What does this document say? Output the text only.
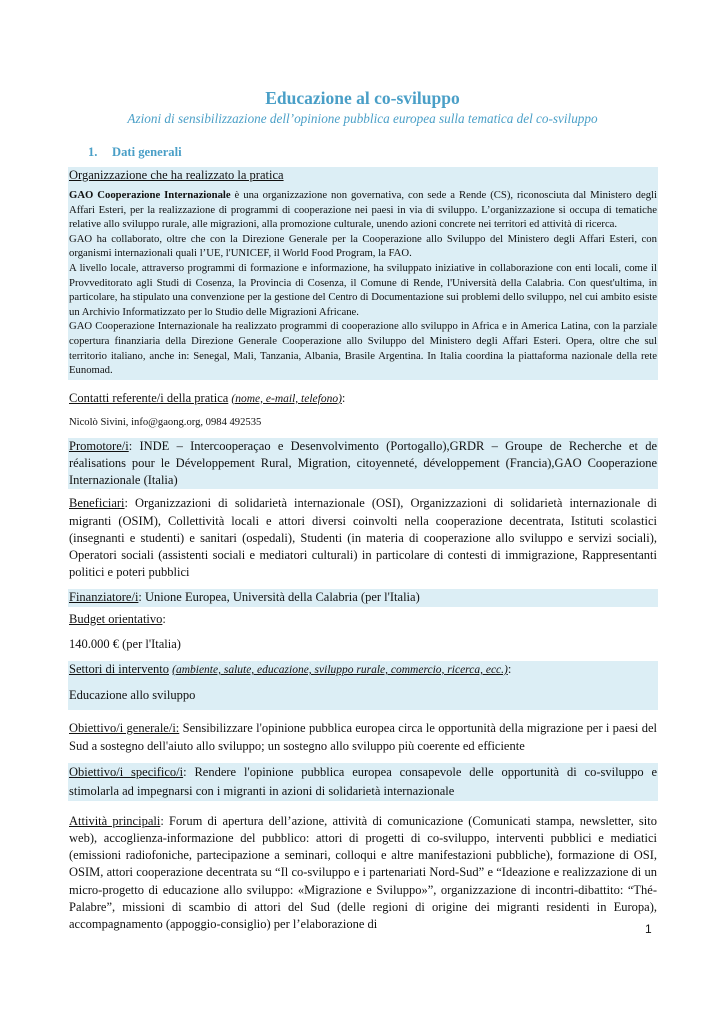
Educazione al co-sviluppo
Azioni di sensibilizzazione dell’opinione pubblica europea sulla tematica del co-sviluppo
1. Dati generali
Organizzazione che ha realizzato la pratica
GAO Cooperazione Internazionale è una organizzazione non governativa, con sede a Rende (CS), riconosciuta dal Ministero degli Affari Esteri, per la realizzazione di programmi di cooperazione nei paesi in via di sviluppo. L’organizzazione si occupa di tematiche relative allo sviluppo rurale, alle migrazioni, alla promozione culturale, unendo azioni concrete nei territori ed attività di ricerca.
GAO ha collaborato, oltre che con la Direzione Generale per la Cooperazione allo Sviluppo del Ministero degli Affari Esteri, con organismi internazionali quali l’UE, l'UNICEF, il World Food Program, la FAO.
A livello locale, attraverso programmi di formazione e informazione, ha sviluppato iniziative in collaborazione con enti locali, come il Provveditorato agli Studi di Cosenza, la Provincia di Cosenza, il Comune di Rende, l'Università della Calabria. Con quest'ultima, in particolare, ha stipulato una convenzione per la gestione del Centro di Documentazione sui problemi dello sviluppo, nel cui ambito esiste un Archivio Informatizzato per lo Studio delle Migrazioni Africane.
GAO Cooperazione Internazionale ha realizzato programmi di cooperazione allo sviluppo in Africa e in America Latina, con la parziale copertura finanziaria della Direzione Generale Cooperazione allo Sviluppo del Ministero degli Affari Esteri. Opera, oltre che sul territorio italiano, anche in: Senegal, Mali, Tanzania, Albania, Brasile Argentina. In Italia coordina la piattaforma nazionale della rete Eunomad.
Contatti referente/i della pratica (nome, e-mail, telefono):
Nicolò Sivini, info@gaong.org, 0984 492535
Promotore/i: INDE – Intercooperaçao e Desenvolvimento (Portogallo),GRDR – Groupe de Recherche et de réalisations pour le Développement Rural, Migration, citoyenneté, développement (Francia),GAO Cooperazione Internazionale (Italia)
Beneficiari: Organizzazioni di solidarietà internazionale (OSI), Organizzazioni di solidarietà internazionale di migranti (OSIM), Collettività locali e attori diversi coinvolti nella cooperazione decentrata, Istituti scolastici (insegnanti e studenti) e sanitari (ospedali), Studenti (in materia di cooperazione allo sviluppo e servizi sociali), Operatori sociali (assistenti sociali e mediatori culturali) in particolare di contesti di immigrazione, Rappresentanti politici e poteri pubblici
Finanziatore/i: Unione Europea, Università della Calabria (per l'Italia)
Budget orientativo:
140.000 € (per l'Italia)
Settori di intervento (ambiente, salute, educazione, sviluppo rurale, commercio, ricerca, ecc.):
Educazione allo sviluppo
Obiettivo/i generale/i: Sensibilizzare l'opinione pubblica europea circa le opportunità della migrazione per i paesi del Sud a sostegno dell'aiuto allo sviluppo; un sostegno allo sviluppo più coerente ed efficiente
Obiettivo/i specifico/i: Rendere l'opinione pubblica europea consapevole delle opportunità di co-sviluppo e stimolarla ad impegnarsi con i migranti in azioni di solidarietà internazionale
Attività principali: Forum di apertura dell’azione, attività di comunicazione (Comunicati stampa, newsletter, sito web), accoglienza-informazione del pubblico: attori di progetti di co-sviluppo, interventi pubblici e mediatici (emissioni radiofoniche, partecipazione a seminari, colloqui e altre manifestazioni pubbliche), formazione di OSI, OSIM, attori cooperazione decentrata su “Il co-sviluppo e i partenariati Nord-Sud” e “Ideazione e realizzazione di un micro-progetto di educazione allo sviluppo: «Migrazione e Sviluppo»”, organizzazione di incontri-dibattito: “Thé-Palabre”, missioni di scambio di attori del Sud (delle regioni di origine dei migranti residenti in Europa), accompagnamento (appoggio-consiglio) per l’elaborazione di	1
